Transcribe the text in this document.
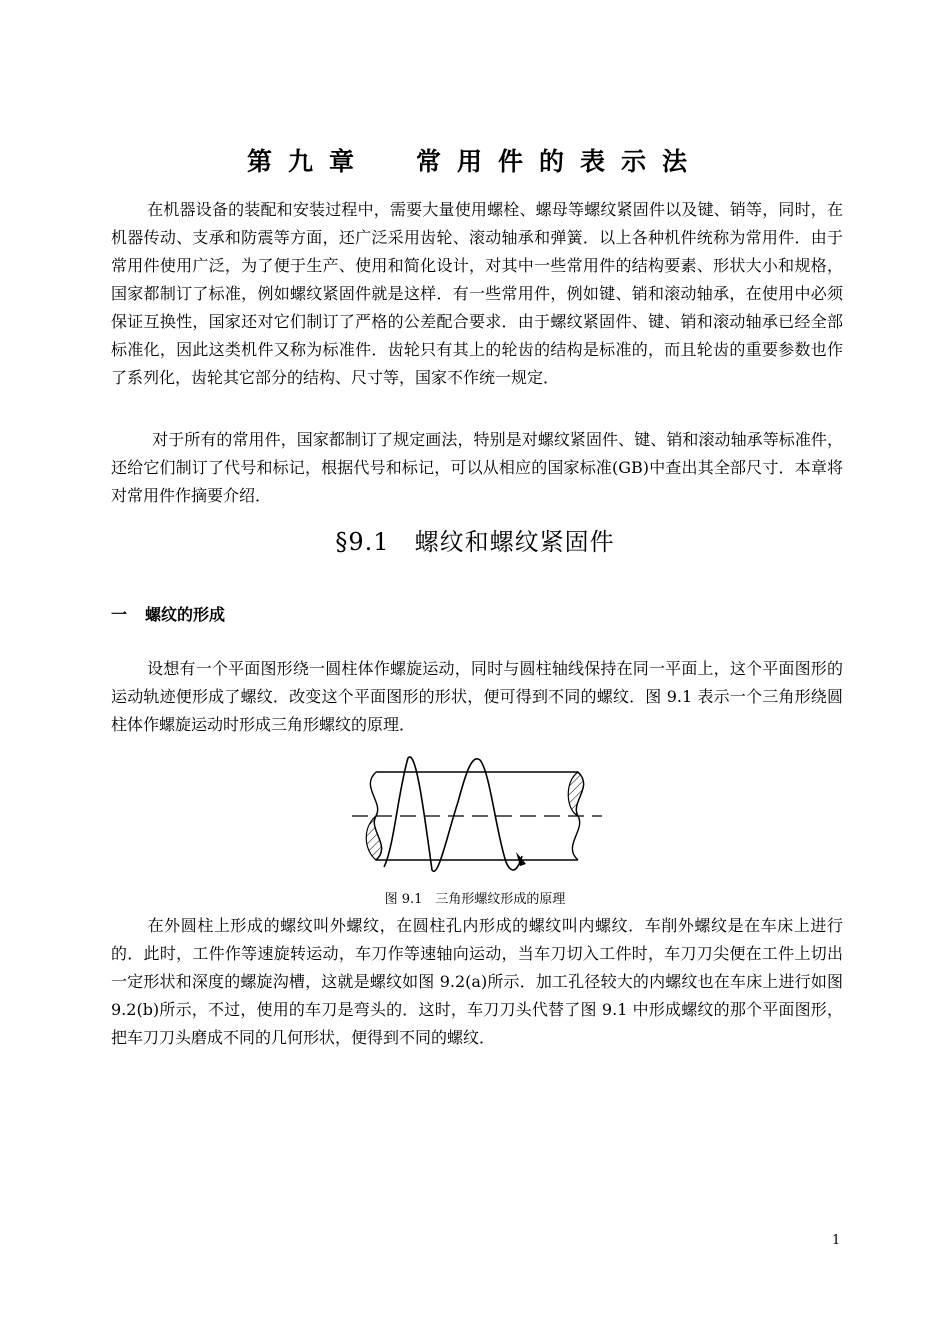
第九章 常用件的表示法

在机器设备的装配和安装过程中，需要大量使用螺栓、螺母等螺纹紧固件以及键、销等，同时，在机器传动、支承和防震等方面，还广泛采用齿轮、滚动轴承和弹簧．以上各种机件统称为常用件．由于常用件使用广泛，为了便于生产、使用和简化设计，对其中一些常用件的结构要素、形状大小和规格，国家都制订了标准，例如螺纹紧固件就是这样．有一些常用件，例如键、销和滚动轴承，在使用中必须保证互换性，国家还对它们制订了严格的公差配合要求．由于螺纹紧固件、键、销和滚动轴承已经全部标准化，因此这类机件又称为标准件．齿轮只有其上的轮齿的结构是标准的，而且轮齿的重要参数也作了系列化，齿轮其它部分的结构、尺寸等，国家不作统一规定．

对于所有的常用件，国家都制订了规定画法，特别是对螺纹紧固件、键、销和滚动轴承等标准件，还给它们制订了代号和标记，根据代号和标记，可以从相应的国家标准(GB)中查出其全部尺寸．本章将对常用件作摘要介绍．

§9.1　螺纹和螺纹紧固件
一 螺纹的形成

设想有一个平面图形绕一圆柱体作螺旋运动，同时与圆柱轴线保持在同一平面上，这个平面图形的运动轨迹便形成了螺纹．改变这个平面图形的形状，便可得到不同的螺纹．图 9.1 表示一个三角形绕圆柱体作螺旋运动时形成三角形螺纹的原理．

图 9.1　三角形螺纹形成的原理

在外圆柱上形成的螺纹叫外螺纹，在圆柱孔内形成的螺纹叫内螺纹．车削外螺纹是在车床上进行的．此时，工件作等速旋转运动，车刀作等速轴向运动，当车刀切入工件时，车刀刀尖便在工件上切出一定形状和深度的螺旋沟槽，这就是螺纹如图 9.2(a)所示．加工孔径较大的内螺纹也在车床上进行如图 9.2(b)所示，不过，使用的车刀是弯头的．这时，车刀刀头代替了图 9.1 中形成螺纹的那个平面图形，把车刀刀头磨成不同的几何形状，便得到不同的螺纹．

1
